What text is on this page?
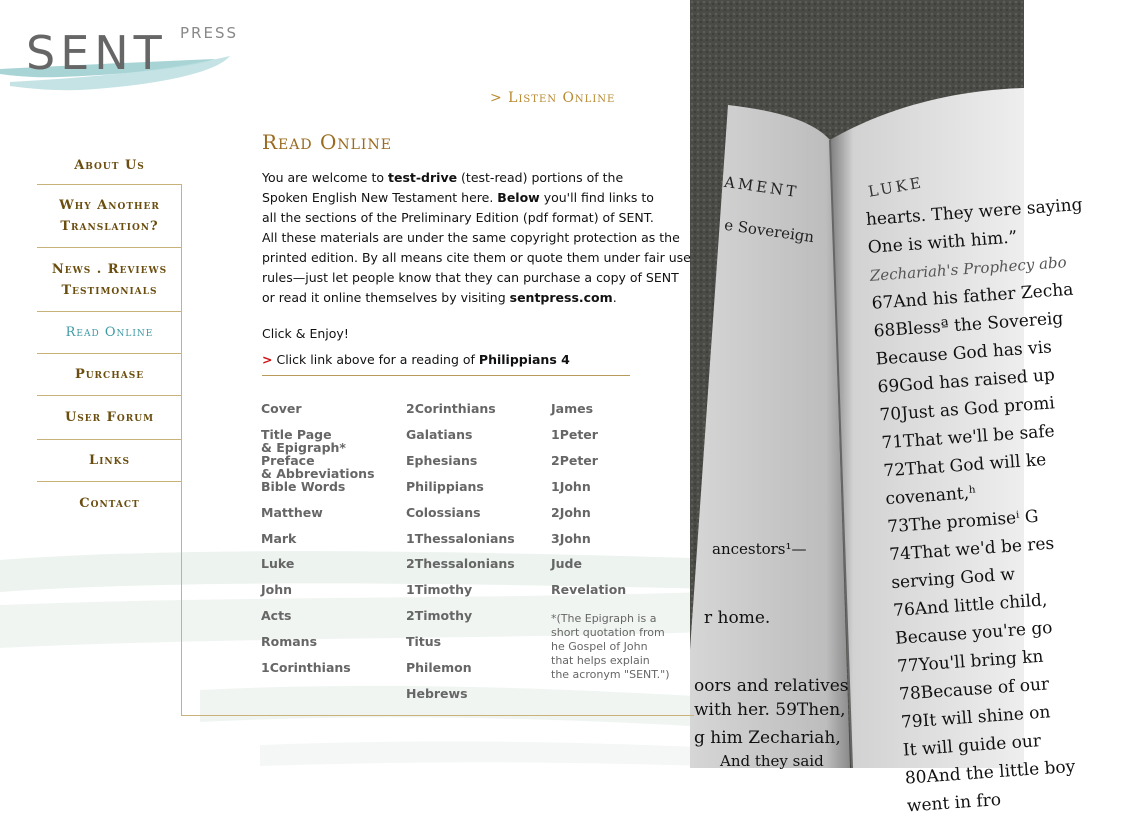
AMENT
e Sovereign
ancestors¹—
r home.
oors and relatives
with her. 59Then,
g him Zechariah,
And they said
LUKE
hearts. They were saying
One is with him.”
Zechariah's Prophecy abo
67And his father Zecha
68Blessª the Sovereig
Because God has vis
69God has raised up
70Just as God promi
71That we'll be safe
72That God will ke
covenant,ʰ
73The promiseⁱ G
74That we'd be res
serving God w
76And little child,
Because you're go
77You'll bring kn
78Because of our
79It will shine on
It will guide our
80And the little boy
went in fro
SENT PRESS
> Listen Online
About Us
Why Another
Translation?
News . Reviews
Testimonials
Read Online
Purchase
User Forum
Links
Contact
Read Online
You are welcome to test-drive (test-read) portions of the
Spoken English New Testament here. Below you'll find links to
all the sections of the Preliminary Edition (pdf format) of SENT.
All these materials are under the same copyright protection as the
printed edition. By all means cite them or quote them under fair use
rules—just let people know that they can purchase a copy of SENT
or read it online themselves by visiting sentpress.com.
Click & Enjoy!
> Click link above for a reading of Philippians 4
Cover
Title Page
& Epigraph*
Preface
& Abbreviations
Bible Words
Matthew
Mark
Luke
John
Acts
Romans
1Corinthians
2Corinthians
Galatians
Ephesians
Philippians
Colossians
1Thessalonians
2Thessalonians
1Timothy
2Timothy
Titus
Philemon
Hebrews
James
1Peter
2Peter
1John
2John
3John
Jude
Revelation
*(The Epigraph is a
short quotation from
he Gospel of John
that helps explain
the acronym "SENT.")
